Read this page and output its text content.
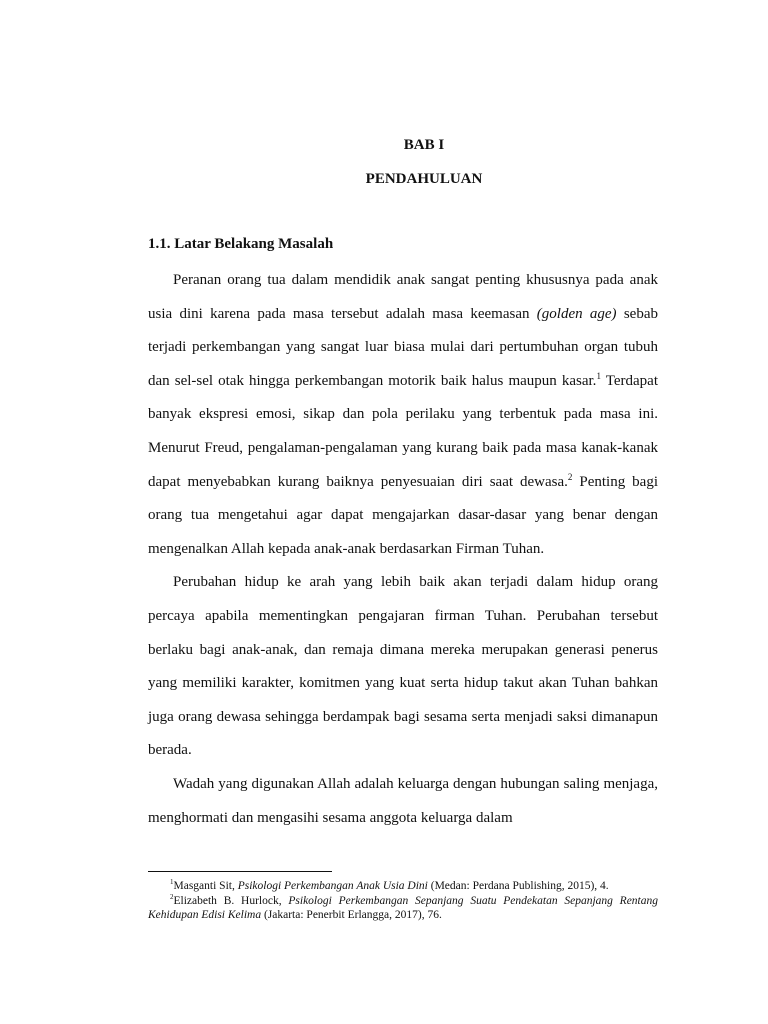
BAB I
PENDAHULUAN
1.1. Latar Belakang Masalah

Peranan orang tua dalam mendidik anak sangat penting khususnya pada anak usia dini karena pada masa tersebut adalah masa keemasan (golden age) sebab terjadi perkembangan yang sangat luar biasa mulai dari pertumbuhan organ tubuh dan sel-sel otak hingga perkembangan motorik baik halus maupun kasar.$^1$ Terdapat banyak ekspresi emosi, sikap dan pola perilaku yang terbentuk pada masa ini. Menurut Freud, pengalaman-pengalaman yang kurang baik pada masa kanak-kanak dapat menyebabkan kurang baiknya penyesuaian diri saat dewasa.$^2$ Penting bagi orang tua mengetahui agar dapat mengajarkan dasar-dasar yang benar dengan mengenalkan Allah kepada anak-anak berdasarkan Firman Tuhan.

Perubahan hidup ke arah yang lebih baik akan terjadi dalam hidup orang percaya apabila mementingkan pengajaran firman Tuhan. Perubahan tersebut berlaku bagi anak-anak, dan remaja dimana mereka merupakan generasi penerus yang memiliki karakter, komitmen yang kuat serta hidup takut akan Tuhan bahkan juga orang dewasa sehingga berdampak bagi sesama serta menjadi saksi dimanapun berada.

Wadah yang digunakan Allah adalah keluarga dengan hubungan saling menjaga, menghormati dan mengasihi sesama anggota keluarga dalam

$^1$Masganti Sit, Psikologi Perkembangan Anak Usia Dini (Medan: Perdana Publishing, 2015), 4.

$^2$Elizabeth B. Hurlock, Psikologi Perkembangan Sepanjang Suatu Pendekatan Sepanjang Rentang Kehidupan Edisi Kelima (Jakarta: Penerbit Erlangga, 2017), 76.
